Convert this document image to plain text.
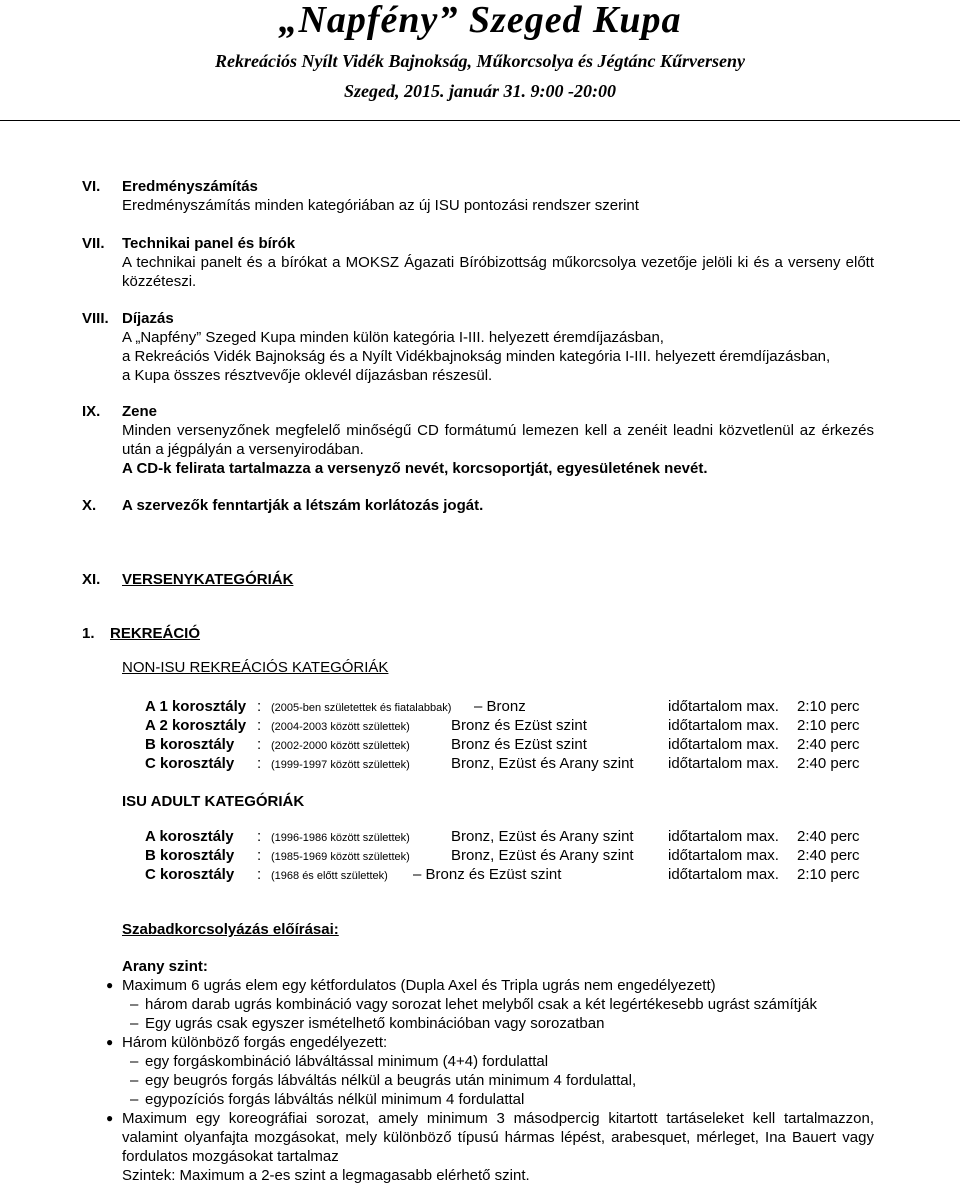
„Napfény” Szeged Kupa
Rekreációs Nyílt Vidék Bajnokság, Műkorcsolya és Jégtánc Kűrverseny
Szeged, 2015. január 31. 9:00 -20:00
VI. Eredményszámítás
Eredményszámítás minden kategóriában az új ISU pontozási rendszer szerint
VII. Technikai panel és bírók
A technikai panelt és a bírókat a MOKSZ Ágazati Bíróbizottság műkorcsolya vezetője jelöli ki és a verseny előtt közzéteszi.
VIII. Díjazás
A „Napfény” Szeged Kupa minden külön kategória I-III. helyezett éremdíjazásban,
a Rekreációs Vidék Bajnokság és a Nyílt Vidékbajnokság minden kategória I-III. helyezett éremdíjazásban,
a Kupa összes résztvevője oklevél díjazásban részesül.
IX. Zene
Minden versenyzőnek megfelelő minőségű CD formátumú lemezen kell a zenéit leadni közvetlenül az érkezés után a jégpályán a versenyirodában.
A CD-k felirata tartalmazza a versenyző nevét, korcsoportját, egyesületének nevét.
X. A szervezők fenntartják a létszám korlátozás jogát.
XI. VERSENYKATEGÓRIÁK
1. REKREÁCIÓ
NON-ISU REKREÁCIÓS KATEGÓRIÁK
A 1 korosztály : (2005-ben születettek és fiatalabbak) – Bronz	időtartalom max. 2:10 perc
A 2 korosztály : (2004-2003 között születtek)	Bronz és Ezüst szint	időtartalom max. 2:10 perc
B korosztály : (2002-2000 között születtek)	Bronz és Ezüst szint	időtartalom max. 2:40 perc
C korosztály : (1999-1997 között születtek)	Bronz, Ezüst és Arany szint időtartalom max. 2:40 perc
ISU ADULT KATEGÓRIÁK
A korosztály : (1996-1986 között születtek)	Bronz, Ezüst és Arany szint időtartalom max. 2:40 perc
B korosztály : (1985-1969 között születtek)	Bronz, Ezüst és Arany szint időtartalom max. 2:40 perc
C korosztály : (1968 és előtt születtek) – Bronz és Ezüst szint	időtartalom max. 2:10 perc
Szabadkorcsolyázás előírásai:
Arany szint:
● Maximum 6 ugrás elem egy kétfordulatos (Dupla Axel és Tripla ugrás nem engedélyezett)
– három darab ugrás kombináció vagy sorozat lehet melyből csak a két legértékesebb ugrást számítják
– Egy ugrás csak egyszer ismételhető kombinációban vagy sorozatban
● Három különböző forgás engedélyezett:
– egy forgáskombináció lábváltással minimum (4+4) fordulattal
– egy beugrós forgás lábváltás nélkül a beugrás után minimum 4 fordulattal,
– egypozíciós forgás lábváltás nélkül minimum 4 fordulattal
● Maximum egy koreográfiai sorozat, amely minimum 3 másodpercig kitartott tartáseleket kell tartalmazzon, valamint olyanfajta mozgásokat, mely különböző típusú hármas lépést, arabesquet, mérleget, Ina Bauert vagy fordulatos mozgásokat tartalmaz
Szintek: Maximum a 2-es szint a legmagasabb elérhető szint.
